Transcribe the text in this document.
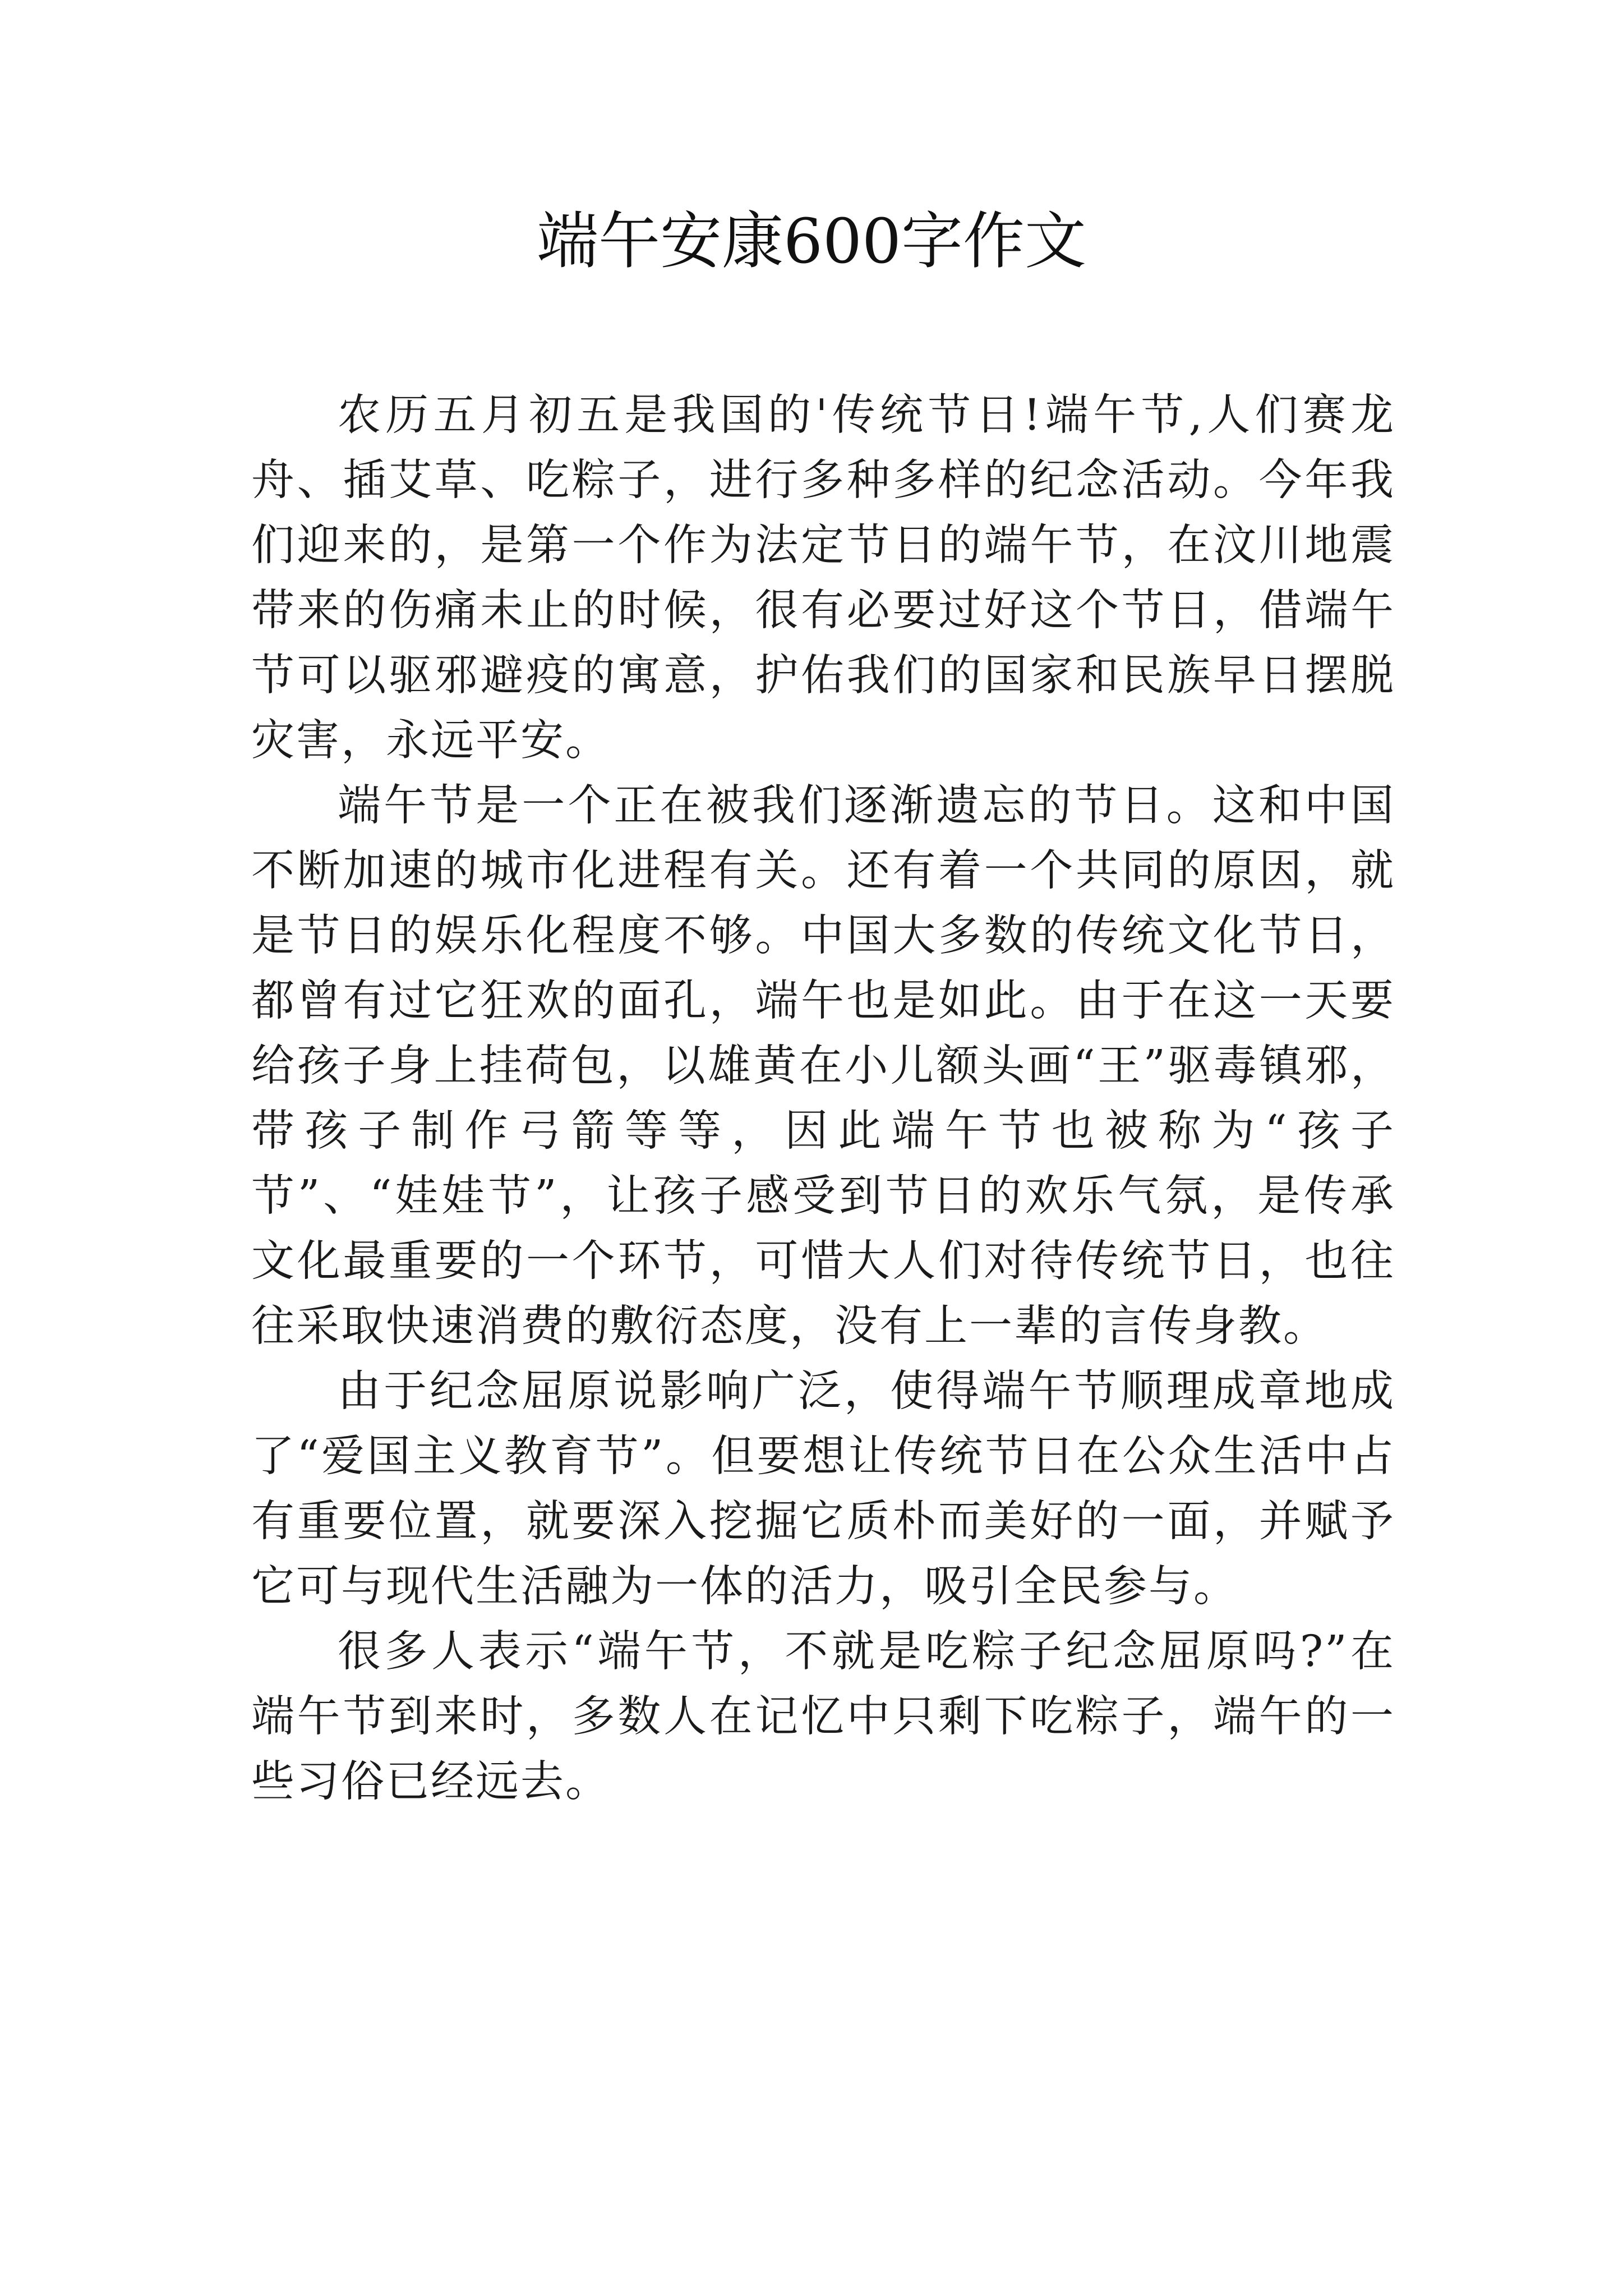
端午安康600字作文

农历五月初五是我国的'传统节日!端午节,人们赛龙舟、插艾草、吃粽子，进行多种多样的纪念活动。今年我们迎来的，是第一个作为法定节日的端午节，在汶川地震带来的伤痛未止的时候，很有必要过好这个节日，借端午节可以驱邪避疫的寓意，护佑我们的国家和民族早日摆脱灾害，永远平安。

端午节是一个正在被我们逐渐遗忘的节日。这和中国不断加速的城市化进程有关。还有着一个共同的原因，就是节日的娱乐化程度不够。中国大多数的传统文化节日，都曾有过它狂欢的面孔，端午也是如此。由于在这一天要给孩子身上挂荷包，以雄黄在小儿额头画“王”驱毒镇邪，带孩子制作弓箭等等，因此端午节也被称为“孩子节”、“娃娃节”，让孩子感受到节日的欢乐气氛，是传承文化最重要的一个环节，可惜大人们对待传统节日，也往往采取快速消费的敷衍态度，没有上一辈的言传身教。

由于纪念屈原说影响广泛，使得端午节顺理成章地成了“爱国主义教育节”。但要想让传统节日在公众生活中占有重要位置，就要深入挖掘它质朴而美好的一面，并赋予它可与现代生活融为一体的活力，吸引全民参与。

很多人表示“端午节，不就是吃粽子纪念屈原吗?”在端午节到来时，多数人在记忆中只剩下吃粽子，端午的一些习俗已经远去。
